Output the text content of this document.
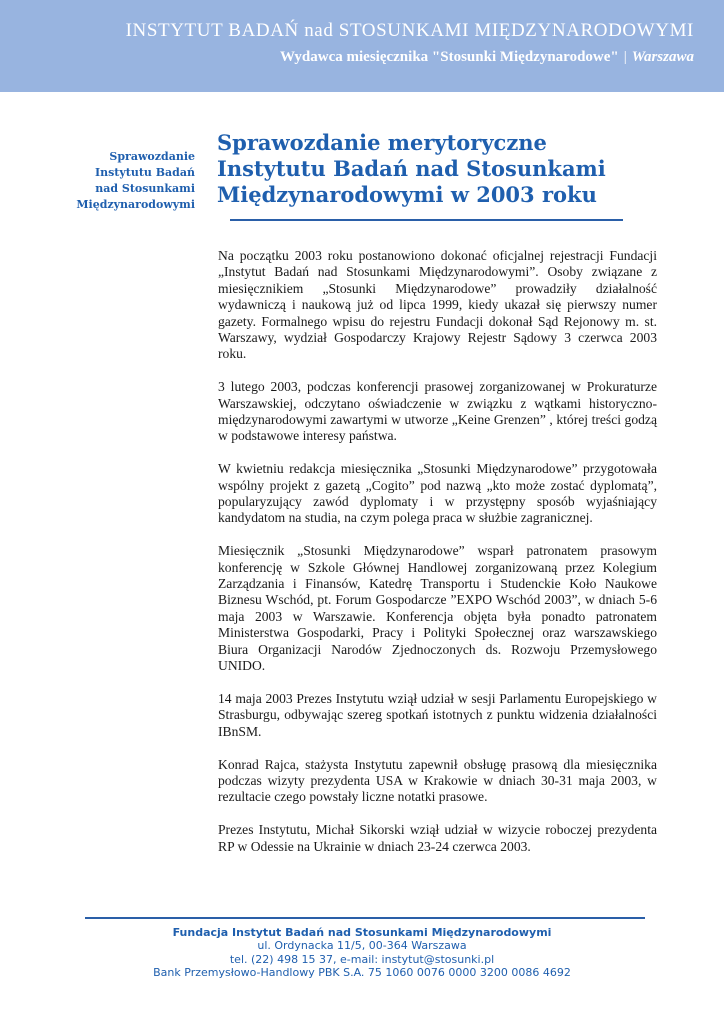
INSTYTUT BADAŃ nad STOSUNKAMI MIĘDZYNARODOWYMI
Wydawca miesięcznika "Stosunki Międzynarodowe" | Warszawa
Sprawozdanie
Instytutu Badań
nad Stosunkami
Międzynarodowymi
Sprawozdanie merytoryczne
Instytutu Badań nad Stosunkami
Międzynarodowymi w 2003 roku

Na początku 2003 roku postanowiono dokonać oficjalnej rejestracji Fundacji „Instytut Badań nad Stosunkami Międzynarodowymi”. Osoby związane z miesięcznikiem „Stosunki Międzynarodowe” prowadziły działalność wydawniczą i naukową już od lipca 1999, kiedy ukazał się pierwszy numer gazety. Formalnego wpisu do rejestru Fundacji dokonał Sąd Rejonowy m. st. Warszawy, wydział Gospodarczy Krajowy Rejestr Sądowy 3 czerwca 2003 roku.

3 lutego 2003, podczas konferencji prasowej zorganizowanej w Prokuraturze Warszawskiej, odczytano oświadczenie w związku z wątkami historyczno-międzynarodowymi zawartymi w utworze „Keine Grenzen” , której treści godzą w podstawowe interesy państwa.

W kwietniu redakcja miesięcznika „Stosunki Międzynarodowe” przygotowała wspólny projekt z gazetą „Cogito” pod nazwą „kto może zostać dyplomatą”, popularyzujący zawód dyplomaty i w przystępny sposób wyjaśniający kandydatom na studia, na czym polega praca w służbie zagranicznej.

Miesięcznik „Stosunki Międzynarodowe” wsparł patronatem prasowym konferencję w Szkole Głównej Handlowej zorganizowaną przez Kolegium Zarządzania i Finansów, Katedrę Transportu i Studenckie Koło Naukowe Biznesu Wschód, pt. Forum Gospodarcze ”EXPO Wschód 2003”, w dniach 5-6 maja 2003 w Warszawie. Konferencja objęta była ponadto patronatem Ministerstwa Gospodarki, Pracy i Polityki Społecznej oraz warszawskiego Biura Organizacji Narodów Zjednoczonych ds. Rozwoju Przemysłowego UNIDO.

14 maja 2003 Prezes Instytutu wziął udział w sesji Parlamentu Europejskiego w Strasburgu, odbywając szereg spotkań istotnych z punktu widzenia działalności IBnSM.

Konrad Rajca, stażysta Instytutu zapewnił obsługę prasową dla miesięcznika podczas wizyty prezydenta USA w Krakowie w dniach 30-31 maja 2003, w rezultacie czego powstały liczne notatki prasowe.

Prezes Instytutu, Michał Sikorski wziął udział w wizycie roboczej prezydenta RP w Odessie na Ukrainie w dniach 23-24 czerwca 2003.

Fundacja Instytut Badań nad Stosunkami Międzynarodowymi
ul. Ordynacka 11/5, 00-364 Warszawa
tel. (22) 498 15 37, e-mail: instytut@stosunki.pl
Bank Przemysłowo-Handlowy PBK S.A. 75 1060 0076 0000 3200 0086 4692
